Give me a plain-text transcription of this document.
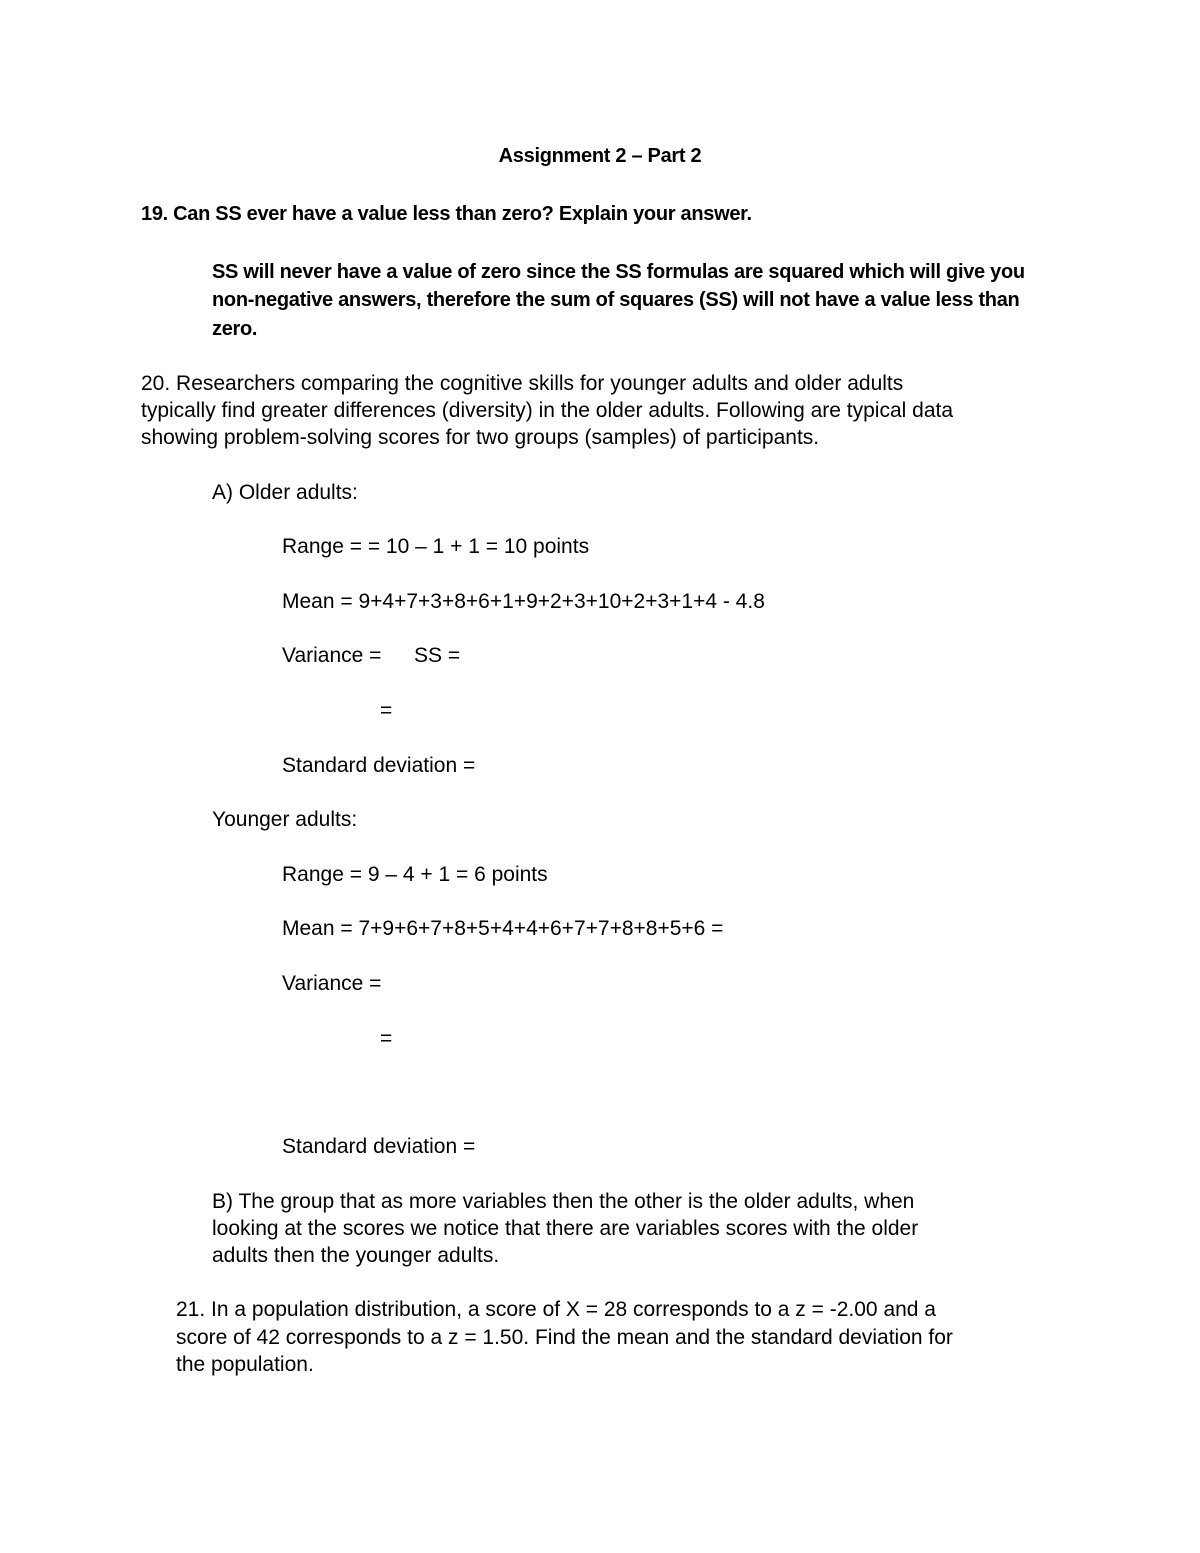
Assignment 2 – Part 2

19. Can SS ever have a value less than zero? Explain your answer.

SS will never have a value of zero since the SS formulas are squared which will give you

non-negative answers, therefore the sum of squares (SS) will not have a value less than

zero.

20. Researchers comparing the cognitive skills for younger adults and older adults

typically find greater differences (diversity) in the older adults. Following are typical data

showing problem-solving scores for two groups (samples) of participants.

A) Older adults:

Range = = 10 – 1 + 1 = 10 points

Mean = 9+4+7+3+8+6+1+9+2+3+10+2+3+1+4 - 4.8

Variance = SS =

=

Standard deviation =

Younger adults:

Range = 9 – 4 + 1 = 6 points

Mean = 7+9+6+7+8+5+4+4+6+7+7+8+8+5+6 =

Variance =

=

Standard deviation =

B) The group that as more variables then the other is the older adults, when

looking at the scores we notice that there are variables scores with the older

adults then the younger adults.

21. In a population distribution, a score of X = 28 corresponds to a z = -2.00 and a

score of 42 corresponds to a z = 1.50. Find the mean and the standard deviation for

the population.
